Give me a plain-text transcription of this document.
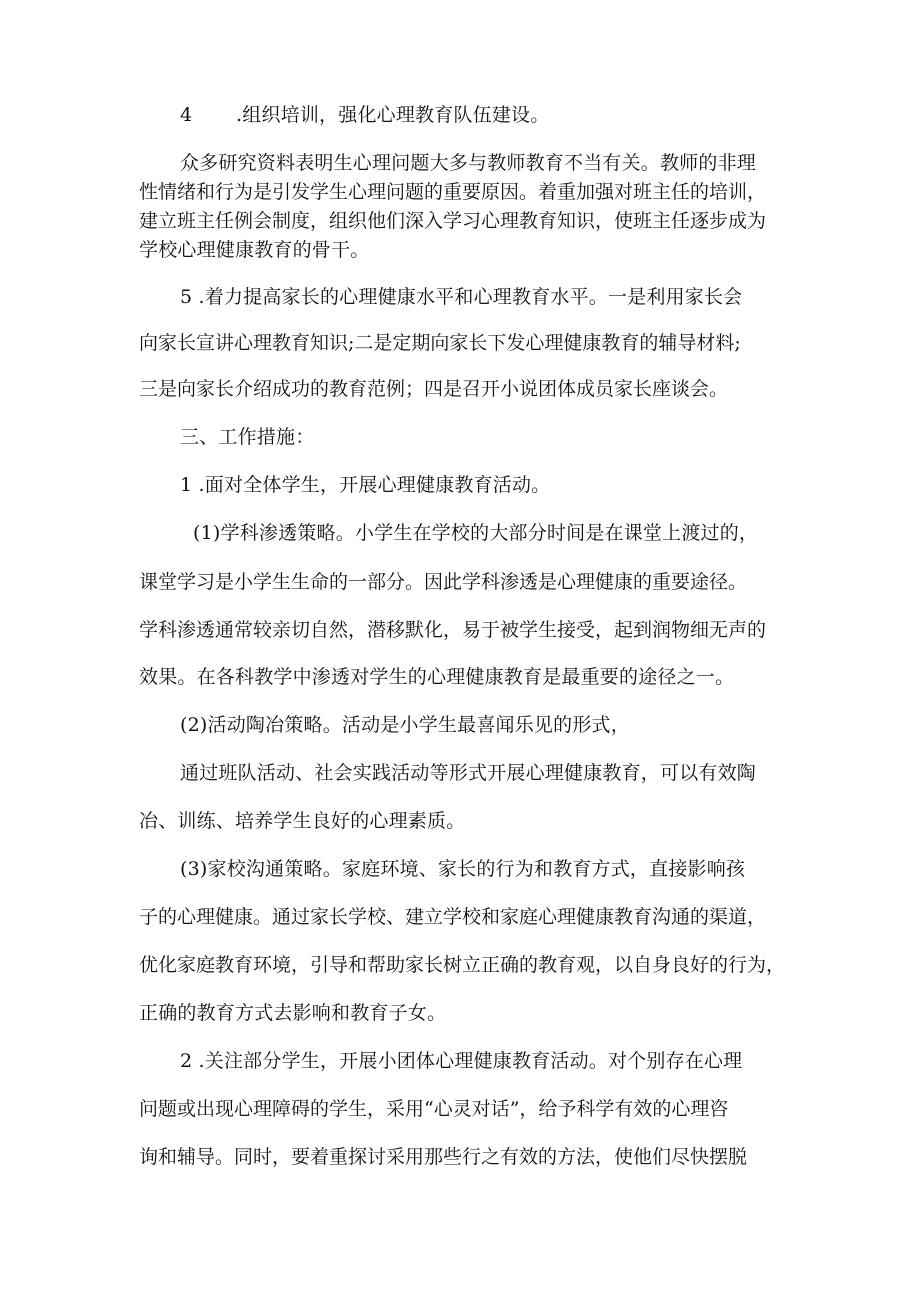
4 .组织培训，强化心理教育队伍建设。
众多研究资料表明生心理问题大多与教师教育不当有关。教师的非理
性情绪和行为是引发学生心理问题的重要原因。着重加强对班主任的培训，
建立班主任例会制度，组织他们深入学习心理教育知识，使班主任逐步成为
学校心理健康教育的骨干。
5 .着力提高家长的心理健康水平和心理教育水平。一是利用家长会
向家长宣讲心理教育知识;二是定期向家长下发心理健康教育的辅导材料;
三是向家长介绍成功的教育范例；四是召开小说团体成员家长座谈会。
三、工作措施：
1 .面对全体学生，开展心理健康教育活动。
(1)学科渗透策略。小学生在学校的大部分时间是在课堂上渡过的，
课堂学习是小学生生命的一部分。因此学科渗透是心理健康的重要途径。
学科渗透通常较亲切自然，潜移默化，易于被学生接受，起到润物细无声的
效果。在各科教学中渗透对学生的心理健康教育是最重要的途径之一。
(2)活动陶冶策略。活动是小学生最喜闻乐见的形式，
通过班队活动、社会实践活动等形式开展心理健康教育，可以有效陶
冶、训练、培养学生良好的心理素质。
(3)家校沟通策略。家庭环境、家长的行为和教育方式，直接影响孩
子的心理健康。通过家长学校、建立学校和家庭心理健康教育沟通的渠道，
优化家庭教育环境，引导和帮助家长树立正确的教育观，以自身良好的行为，
正确的教育方式去影响和教育子女。
2 .关注部分学生，开展小团体心理健康教育活动。对个别存在心理
问题或出现心理障碍的学生，采用“心灵对话”，给予科学有效的心理咨
询和辅导。同时，要着重探讨采用那些行之有效的方法，使他们尽快摆脱
